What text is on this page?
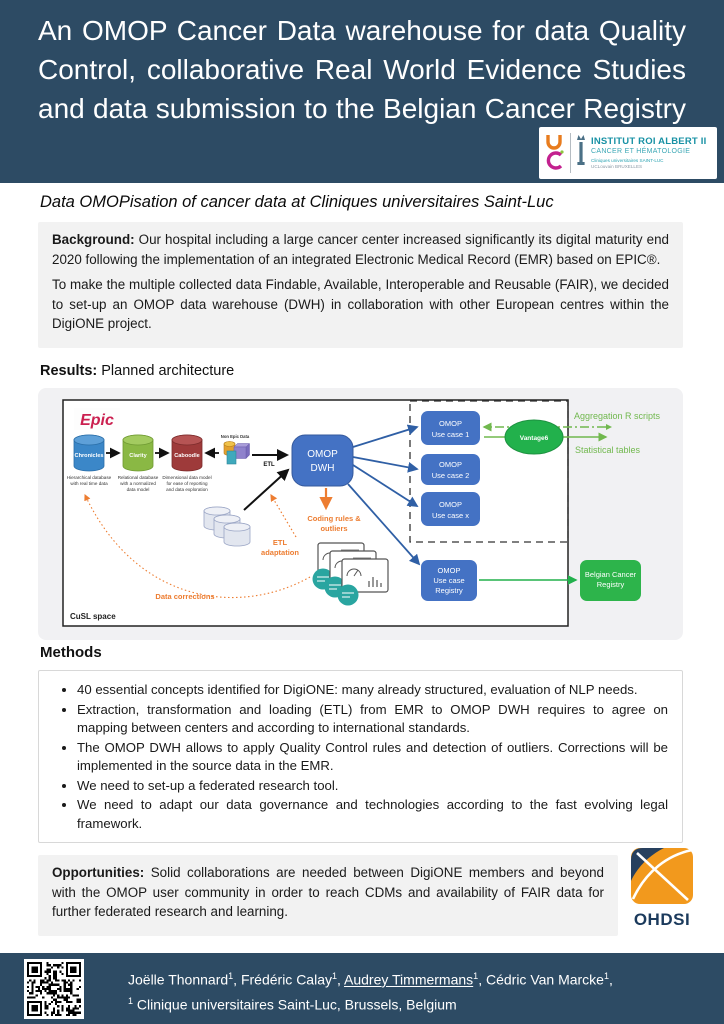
An OMOP Cancer Data warehouse for data Quality
Control, collaborative Real World Evidence Studies
and data submission to the Belgian Cancer Registry
INSTITUT ROI ALBERT II
CANCER ET HÉMATOLOGIE
Cliniques universitaires SAINT-LUC
UCLouvain BRUXELLES
Data OMOPisation of cancer data at Cliniques universitaires Saint-Luc

Background: Our hospital including a large cancer center increased significantly its digital maturity end 2020 following the implementation of an integrated Electronic Medical Record (EMR) based on EPIC®.

To make the multiple collected data Findable, Available, Interoperable and Reusable (FAIR), we decided to set-up an OMOP data warehouse (DWH) in collaboration with other European centres within the DigiONE project.

Results: Planned architecture
Epic
Chronicles
Hierarchical database
with real time data
Clarity
Relational database
with a normalized
data model
Caboodle
Dimensional data model
for ease of reporting
and data exploration
Non Epic Data
ETL
OMOP
DWH
Coding rules &
outliers
ETL
adaptation
Data corrections
CuSL space
OMOP
Use case 1
OMOP
Use case 2
OMOP
Use case x
Vantage6
Aggregation R scripts
Statistical tables
OMOP
Use case
Registry
Belgian Cancer
Registry
Methods
• 40 essential concepts identified for DigiONE: many already structured, evaluation of NLP needs.
• Extraction, transformation and loading (ETL) from EMR to OMOP DWH requires to agree on mapping between centers and according to international standards.
• The OMOP DWH allows to apply Quality Control rules and detection of outliers. Corrections will be implemented in the source data in the EMR.
• We need to set-up a federated research tool.
• We need to adapt our data governance and technologies according to the fast evolving legal framework.

Opportunities: Solid collaborations are needed between DigiONE members and beyond with the OMOP user community in order to reach CDMs and availability of FAIR data for further federated research and learning.	OHDSI
Joëlle Thonnard$^1$, Frédéric Calay$^1$, Audrey Timmermans$^1$, Cédric Van Marcke$^1$,
$^1$ Clinique universitaires Saint-Luc, Brussels, Belgium
